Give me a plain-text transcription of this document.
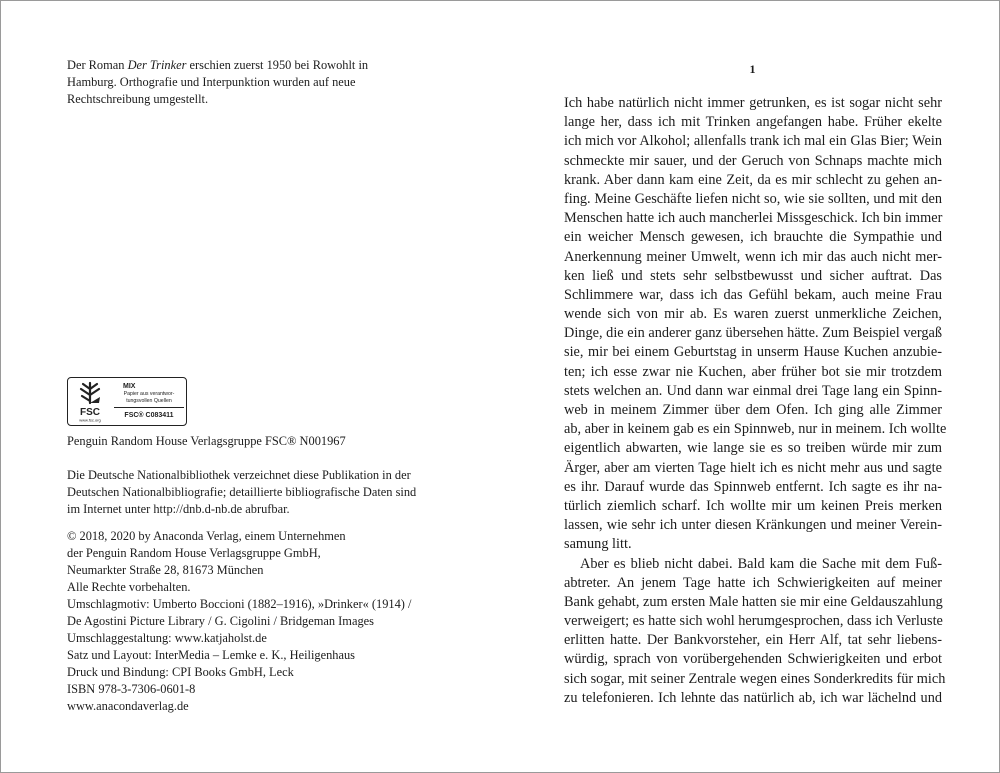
Der Roman Der Trinker erschien zuerst 1950 bei Rowohlt in
Hamburg. Orthografie und Interpunktion wurden auf neue
Rechtschreibung umgestellt.

FSC
www.fsc.org
MIX
Papier aus verantwor-
tungsvollen Quellen
FSC® C083411
Penguin Random House Verlagsgruppe FSC® N001967
Die Deutsche Nationalbibliothek verzeichnet diese Publikation in der
Deutschen Nationalbibliografie; detaillierte bibliografische Daten sind
im Internet unter http://dnb.d-nb.de abrufbar.
© 2018, 2020 by Anaconda Verlag, einem Unternehmen
der Penguin Random House Verlagsgruppe GmbH,
Neumarkter Straße 28, 81673 München
Alle Rechte vorbehalten.
Umschlagmotiv: Umberto Boccioni (1882–1916), »Drinker« (1914) /
De Agostini Picture Library / G. Cigolini / Bridgeman Images
Umschlaggestaltung: www.katjaholst.de
Satz und Layout: InterMedia – Lemke e. K., Heiligenhaus
Druck und Bindung: CPI Books GmbH, Leck
ISBN 978-3-7306-0601-8
www.anacondaverlag.de
1
Ich habe natürlich nicht immer getrunken, es ist sogar nicht sehr
lange her, dass ich mit Trinken angefangen habe. Früher ekelte
ich mich vor Alkohol; allenfalls trank ich mal ein Glas Bier; Wein
schmeckte mir sauer, und der Geruch von Schnaps machte mich
krank. Aber dann kam eine Zeit, da es mir schlecht zu gehen an-
fing. Meine Geschäfte liefen nicht so, wie sie sollten, und mit den
Menschen hatte ich auch mancherlei Missgeschick. Ich bin immer
ein weicher Mensch gewesen, ich brauchte die Sympathie und
Anerkennung meiner Umwelt, wenn ich mir das auch nicht mer-
ken ließ und stets sehr selbstbewusst und sicher auftrat. Das
Schlimmere war, dass ich das Gefühl bekam, auch meine Frau
wende sich von mir ab. Es waren zuerst unmerkliche Zeichen,
Dinge, die ein anderer ganz übersehen hätte. Zum Beispiel vergaß
sie, mir bei einem Geburtstag in unserm Hause Kuchen anzubie-
ten; ich esse zwar nie Kuchen, aber früher bot sie mir trotzdem
stets welchen an. Und dann war einmal drei Tage lang ein Spinn-
web in meinem Zimmer über dem Ofen. Ich ging alle Zimmer
ab, aber in keinem gab es ein Spinnweb, nur in meinem. Ich wollte
eigentlich abwarten, wie lange sie es so treiben würde mir zum
Ärger, aber am vierten Tage hielt ich es nicht mehr aus und sagte
es ihr. Darauf wurde das Spinnweb entfernt. Ich sagte es ihr na-
türlich ziemlich scharf. Ich wollte mir um keinen Preis merken
lassen, wie sehr ich unter diesen Kränkungen und meiner Verein-
samung litt.
Aber es blieb nicht dabei. Bald kam die Sache mit dem Fuß-
abtreter. An jenem Tage hatte ich Schwierigkeiten auf meiner
Bank gehabt, zum ersten Male hatten sie mir eine Geldauszahlung
verweigert; es hatte sich wohl herumgesprochen, dass ich Verluste
erlitten hatte. Der Bankvorsteher, ein Herr Alf, tat sehr liebens-
würdig, sprach von vorübergehenden Schwierigkeiten und erbot
sich sogar, mit seiner Zentrale wegen eines Sonderkredits für mich
zu telefonieren. Ich lehnte das natürlich ab, ich war lächelnd und
